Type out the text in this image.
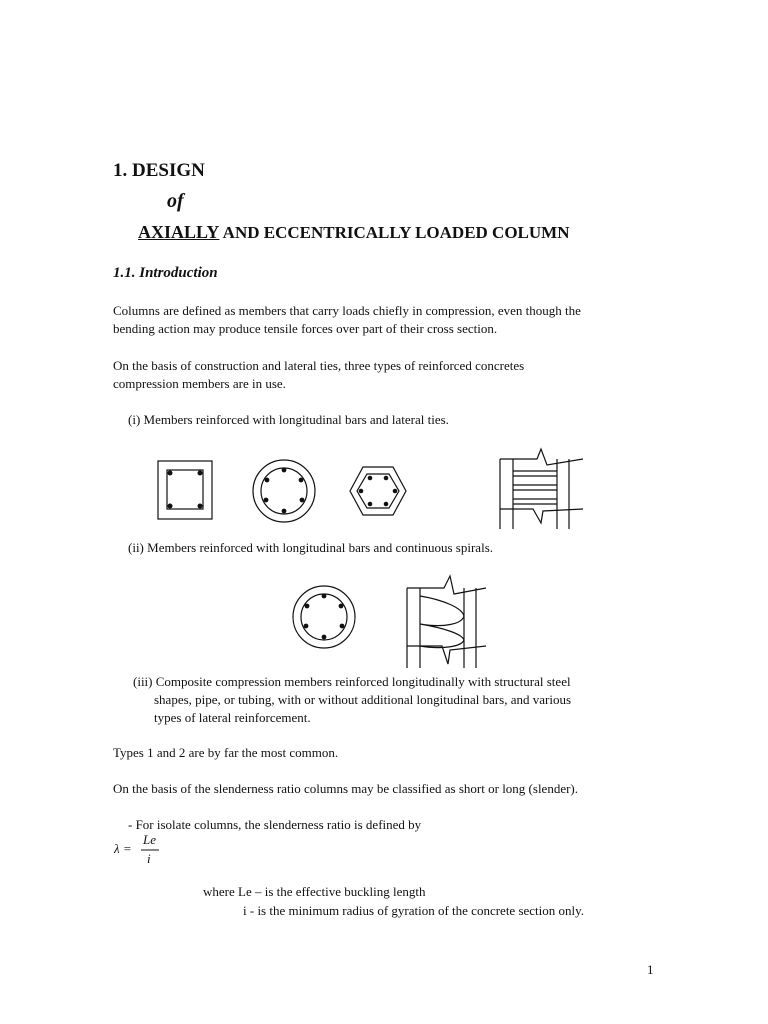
1. DESIGN
of
AXIALLY AND ECCENTRICALLY LOADED COLUMN
1.1. Introduction
Columns are defined as members that carry loads chiefly in compression, even though the
bending action may produce tensile forces over part of their cross section.
On the basis of construction and lateral ties, three types of reinforced concretes
compression members are in use.
(i) Members reinforced with longitudinal bars and lateral ties.
(ii) Members reinforced with longitudinal bars and continuous spirals.
(iii) Composite compression members reinforced longitudinally with structural steel
shapes, pipe, or tubing, with or without additional longitudinal bars, and various
types of lateral reinforcement.
Types 1 and 2 are by far the most common.
On the basis of the slenderness ratio columns may be classified as short or long (slender).
- For isolate columns, the slenderness ratio is defined by
λ =
Le
i
where Le – is the effective buckling length
i - is the minimum radius of gyration of the concrete section only.
1
